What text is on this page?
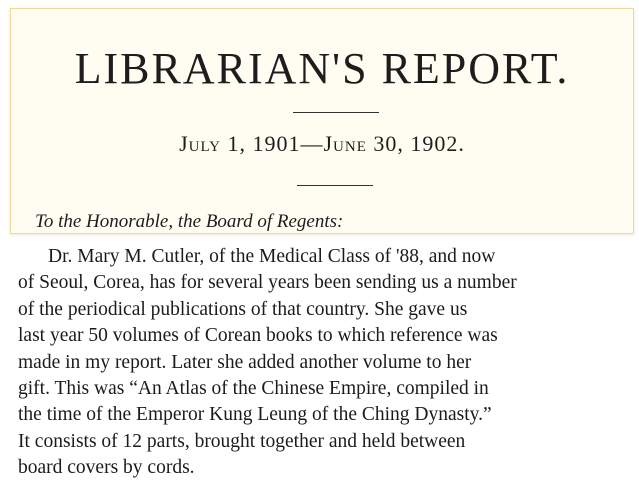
LIBRARIAN'S REPORT.
July 1, 1901—June 30, 1902.
To the Honorable, the Board of Regents:
Dr. Mary M. Cutler, of the Medical Class of '88, and now
of Seoul, Corea, has for several years been sending us a number
of the periodical publications of that country. She gave us
last year 50 volumes of Corean books to which reference was
made in my report. Later she added another volume to her
gift. This was “An Atlas of the Chinese Empire, compiled in
the time of the Emperor Kung Leung of the Ching Dynasty.”
It consists of 12 parts, brought together and held between
board covers by cords.
